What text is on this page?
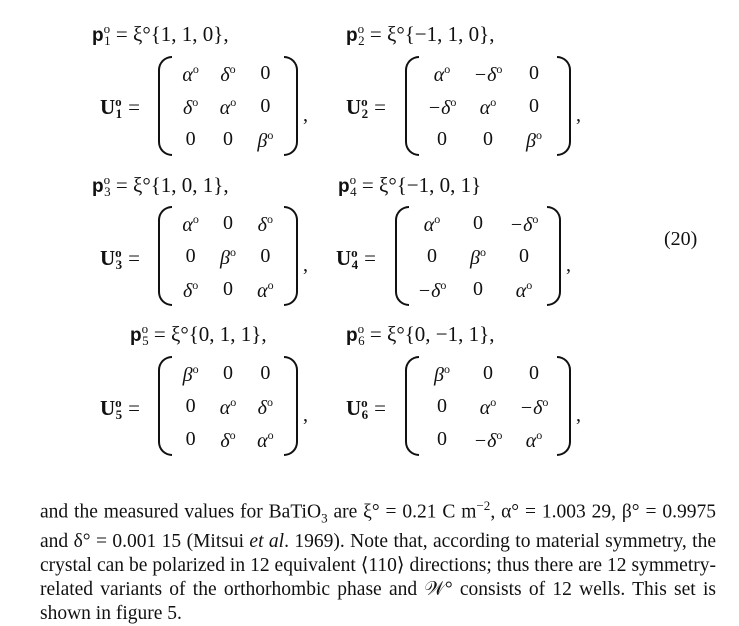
$p^o_1 = \xi^\circ\{1$, 1, 0},	$p^o_2 = \xi^\circ\{-1$, 1, 0},
$p^o_3 = \xi^\circ\{1$, 0, 1},	$p^o_4 = \xi^\circ\{-1$, 0, 1}
$p^o_5 = \xi^\circ\{0$, 1, 1},	$p^o_6 = \xi^\circ\{0$, −1, 1},
$U^o_1$ =	$U^o_2$ =
$U^o_3$ =	$U^o_4$ =
$U^o_5$ =	$U^o_6$ =
$\alpha^o$	$\delta^o$	0
$\delta^o$	$\alpha^o$	0
0	0	$\beta^o$
$\alpha^o$	$-\delta^o$	0
$-\delta^o$	$\alpha^o$	0
0	0	$\beta^o$
$\alpha^o$	0	$\delta^o$
0	$\beta^o$	0
$\delta^o$	0	$\alpha^o$
$\alpha^o$	0	$-\delta^o$
0	$\beta^o$	0
$-\delta^o$	0	$\alpha^o$
$\beta^o$	0	0
0	$\alpha^o$	$\delta^o$
0	$\delta^o$	$\alpha^o$
$\beta^o$	0	0
0	$\alpha^o$	$-\delta^o$
0	$-\delta^o$	$\alpha^o$
,	,
,	,
,	,
(20)
and the measured values for BaTiO$_3$ are ξ° = 0.21 C $m^{-2}$, α° = 1.003 29, β° = 0.9975 and δ° = 0.001 15 (Mitsui et al. 1969). Note that, according to material symmetry, the crystal can be polarized in 12 equivalent ⟨110⟩ directions; thus there are 12 symmetry-related variants of the orthorhombic phase and 𝒲° consists of 12 wells. This set is shown in figure 5.
